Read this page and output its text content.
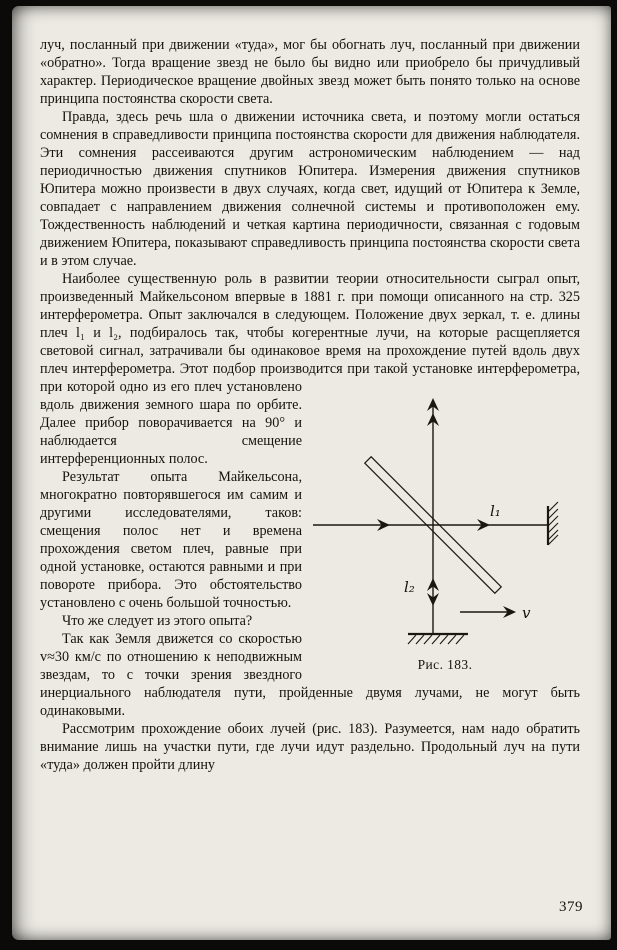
луч, посланный при движении «туда», мог бы обогнать луч, посланный при движении «обратно». Тогда вращение звезд не было бы видно или приобрело бы причудливый характер. Периодическое вращение двойных звезд может быть понято только на основе принципа постоянства скорости света.

Правда, здесь речь шла о движении источника света, и поэтому могли остаться сомнения в справедливости принципа постоянства скорости для движения наблюдателя. Эти сомнения рассеиваются другим астрономическим наблюдением — над периодичностью движения спутников Юпитера. Измерения движения спутников Юпитера можно произвести в двух случаях, когда свет, идущий от Юпитера к Земле, совпадает с направлением движения солнечной системы и противоположен ему. Тождественность наблюдений и четкая картина периодичности, связанная с годовым движением Юпитера, показывают справедливость принципа постоянства скорости света и в этом случае.

Наиболее существенную роль в развитии теории относительности сыграл опыт, произведенный Майкельсоном впервые в 1881 г. при помощи описанного на стр. 325 интерферометра. Опыт заключался в следующем. Положение двух зеркал, т. е. длины плеч l₁ и l₂, подбиралось так, чтобы когерентные лучи, на которые расщепляется световой сигнал, затрачивали бы одинаковое время на прохождение путей вдоль двух плеч интерферометра. Этот подбор производится при такой установке интерферометра, при которой одно
l₁
l₂
v
Рис. 183.
из его плеч установлено вдоль движения земного шара по орбите. Далее прибор поворачивается на 90° и наблюдается смещение интерференционных полос.

Результат опыта Майкельсона, многократно повторявшегося им самим и другими исследователями, таков: смещения полос нет и времена прохождения светом плеч, равные при одной установке, остаются равными и при повороте прибора. Это обстоятельство установлено с очень большой точностью.

Что же следует из этого опыта?

Так как Земля движется со скоростью v≈30 км/с по отношению к неподвижным звездам, то с точки зрения звездного инерциального наблюдателя пути, пройденные двумя лучами, не могут быть одинаковыми.

Рассмотрим прохождение обоих лучей (рис. 183). Разумеется, нам надо обратить внимание лишь на участки пути, где лучи идут раздельно. Продольный луч на пути «туда» должен пройти длину

379
